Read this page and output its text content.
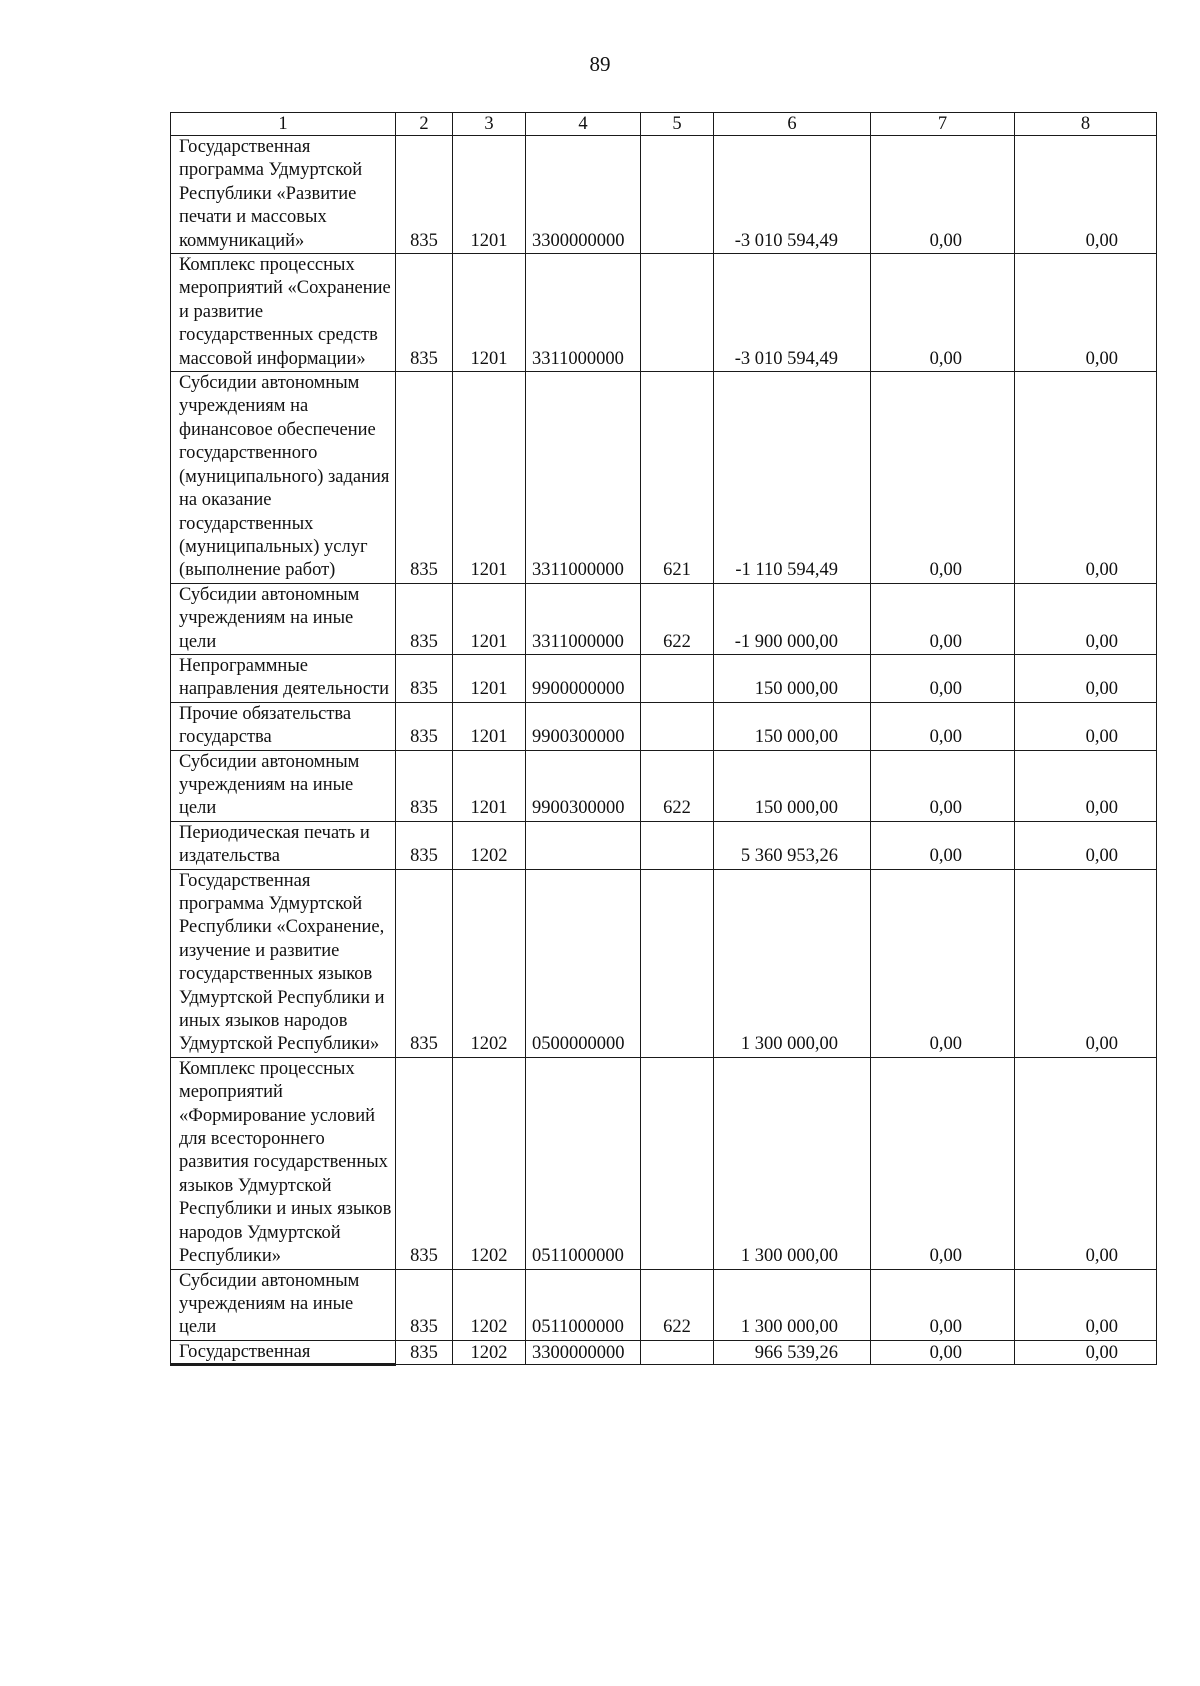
89
1	2	3	4	5	6	7	8
Государственная программа Удмуртской Республики «Развитие печати и массовых коммуникаций»	835	1201	3300000000		-3 010 594,49	0,00	0,00
Комплекс процессных мероприятий «Сохранение и развитие государственных средств массовой информации»	835	1201	3311000000		-3 010 594,49	0,00	0,00
Субсидии автономным учреждениям на финансовое обеспечение государственного (муниципального) задания на оказание государственных (муниципальных) услуг (выполнение работ)	835	1201	3311000000	621	-1 110 594,49	0,00	0,00
Субсидии автономным учреждениям на иные цели	835	1201	3311000000	622	-1 900 000,00	0,00	0,00
Непрограммные направления деятельности	835	1201	9900000000		150 000,00	0,00	0,00
Прочие обязательства государства	835	1201	9900300000		150 000,00	0,00	0,00
Субсидии автономным учреждениям на иные цели	835	1201	9900300000	622	150 000,00	0,00	0,00
Периодическая печать и издательства	835	1202			5 360 953,26	0,00	0,00
Государственная программа Удмуртской Республики «Сохранение, изучение и развитие государственных языков Удмуртской Республики и иных языков народов Удмуртской Республики»	835	1202	0500000000		1 300 000,00	0,00	0,00
Комплекс процессных мероприятий «Формирование условий для всестороннего развития государственных языков Удмуртской Республики и иных языков народов Удмуртской Республики»	835	1202	0511000000		1 300 000,00	0,00	0,00
Субсидии автономным учреждениям на иные цели	835	1202	0511000000	622	1 300 000,00	0,00	0,00
Государственная	835	1202	3300000000		966 539,26	0,00	0,00
